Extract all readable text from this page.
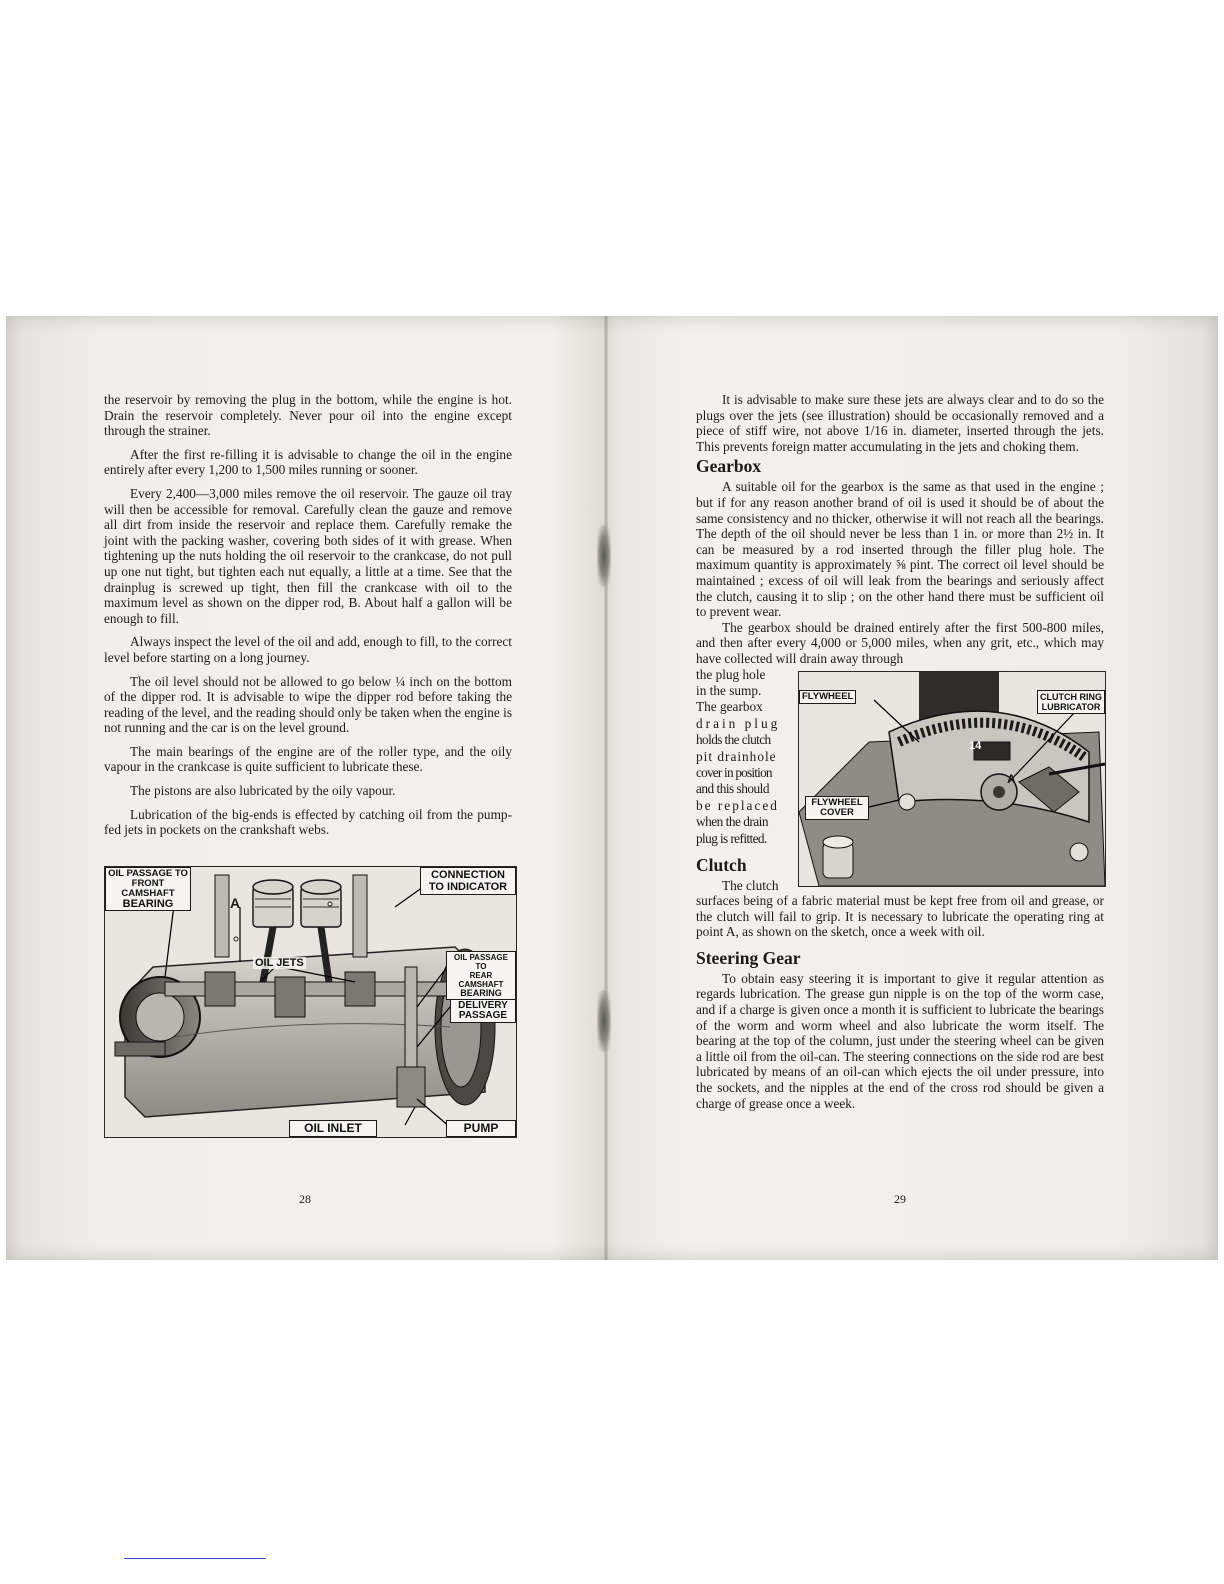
the reservoir by removing the plug in the bottom, while the engine is hot. Drain the reservoir completely. Never pour oil into the engine except through the strainer.

After the first re-filling it is advisable to change the oil in the engine entirely after every 1,200 to 1,500 miles running or sooner.

Every 2,400—3,000 miles remove the oil reservoir. The gauze oil tray will then be accessible for removal. Carefully clean the gauze and remove all dirt from inside the reservoir and replace them. Carefully remake the joint with the packing washer, covering both sides of it with grease. When tightening up the nuts holding the oil reservoir to the crankcase, do not pull up one nut tight, but tighten each nut equally, a little at a time. See that the drainplug is screwed up tight, then fill the crankcase with oil to the maximum level as shown on the dipper rod, B. About half a gallon will be enough to fill.

Always inspect the level of the oil and add, enough to fill, to the correct level before starting on a long journey.

The oil level should not be allowed to go below ¼ inch on the bottom of the dipper rod. It is advisable to wipe the dipper rod before taking the reading of the level, and the reading should only be taken when the engine is not running and the car is on the level ground.

The main bearings of the engine are of the roller type, and the oily vapour in the crankcase is quite sufficient to lubricate these.

The pistons are also lubricated by the oily vapour.

Lubrication of the big-ends is effected by catching oil from the pump-fed jets in pockets on the crankshaft webs.

OIL PASSAGE TO
FRONT CAMSHAFT
BEARING
CONNECTION
TO INDICATOR
A
OIL JETS	OIL PASSAGE TO
REAR CAMSHAFT
BEARING
DELIVERY
PASSAGE
OIL INLET	PUMP
28

It is advisable to make sure these jets are always clear and to do so the plugs over the jets (see illustration) should be occasionally removed and a piece of stiff wire, not above 1/16 in. diameter, inserted through the jets. This prevents foreign matter accumulating in the jets and choking them.

Gearbox

A suitable oil for the gearbox is the same as that used in the engine ; but if for any reason another brand of oil is used it should be of about the same consistency and no thicker, otherwise it will not reach all the bearings. The depth of the oil should never be less than 1 in. or more than 2½ in. It can be measured by a rod inserted through the filler plug hole. The maximum quantity is approximately ⅝ pint. The correct oil level should be maintained ; excess of oil will leak from the bearings and seriously affect the clutch, causing it to slip ; on the other hand there must be sufficient oil to prevent wear.

The gearbox should be drained entirely after the first 500-800 miles, and then after every 4,000 or 5,000 miles, when any grit, etc., which may have collected will drain away through

the plug hole
in the sump.
The gearbox
drain plug
holds the clutch
pit drainhole
cover in position
and this should
be replaced
when the drain
plug is refitted.
FLYWHEEL	CLUTCH RING
LUBRICATOR
FLYWHEEL
COVER
14
A
Clutch
The clutch

surfaces being of a fabric material must be kept free from oil and grease, or the clutch will fail to grip. It is necessary to lubricate the operating ring at point A, as shown on the sketch, once a week with oil.

Steering Gear

To obtain easy steering it is important to give it regular attention as regards lubrication. The grease gun nipple is on the top of the worm case, and if a charge is given once a month it is sufficient to lubricate the bearings of the worm and worm wheel and also lubricate the worm itself. The bearing at the top of the column, just under the steering wheel can be given a little oil from the oil-can. The steering connections on the side rod are best lubricated by means of an oil-can which ejects the oil under pressure, into the sockets, and the nipples at the end of the cross rod should be given a charge of grease once a week.

29
